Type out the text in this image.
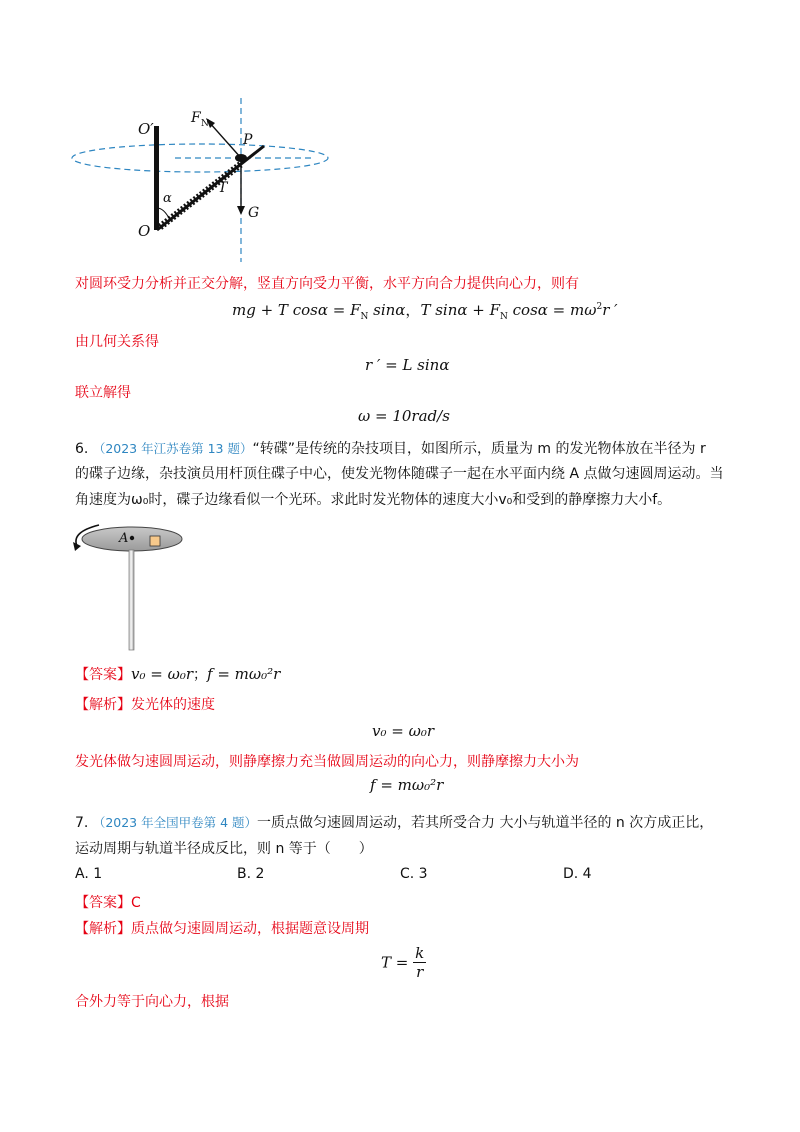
O′
F N
P
T
G
α
O
对圆环受力分析并正交分解，竖直方向受力平衡，水平方向合力提供向心力，则有
mg + T $\cos\alpha = F_N$ sinα，T $\sin\alpha + F_N$ $\cos\alpha = m\omega^2r$ ′
由几何关系得
r ′ = L sinα
联立解得
ω = 10rad/s
6. （2023 年江苏卷第 13 题）“转碟”是传统的杂技项目，如图所示，质量为 m 的发光物体放在半径为 r
的碟子边缘，杂技演员用杆顶住碟子中心，使发光物体随碟子一起在水平面内绕 A 点做匀速圆周运动。当
角速度为ω₀时，碟子边缘看似一个光环。求此时发光物体的速度大小v₀和受到的静摩擦力大小f。
A
【答案】v₀ = ω₀r；f = mω₀²r
【解析】发光体的速度
v₀ = ω₀r
发光体做匀速圆周运动，则静摩擦力充当做圆周运动的向心力，则静摩擦力大小为
f = mω₀²r
7. （2023 年全国甲卷第 4 题）一质点做匀速圆周运动，若其所受合力 大小与轨道半径的 n 次方成正比，
运动周期与轨道半径成反比，则 n 等于（　　）
A. 1	B. 2	C. 3	D. 4
【答案】C
【解析】质点做匀速圆周运动，根据题意设周期
$T = \frac{k}{r}$
合外力等于向心力，根据
